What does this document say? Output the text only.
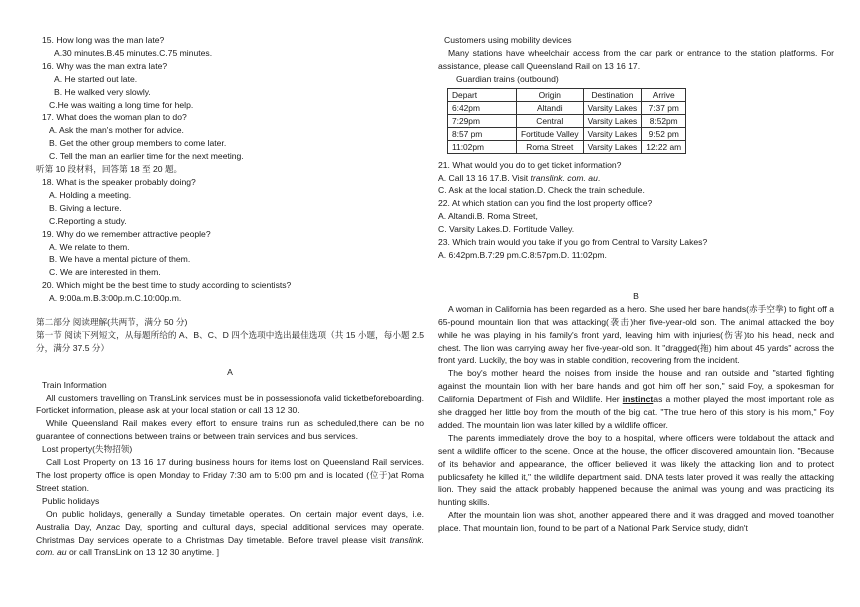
15. How long was the man late?

A.30 minutes.B.45 minutes.C.75 minutes.

16. Why was the man extra late?

A. He started out late.

B. He walked very slowly.

C.He was waiting a long time for help.

17. What does the woman plan to do?

A. Ask the man's mother for advice.

B. Get the other group members to come later.

C. Tell the man an earlier time for the next meeting.

听第 10 段材料，回答第 18 至 20 题。

18. What is the speaker probably doing?

A. Holding a meeting.

B. Giving a lecture.

C.Reporting a study.

19. Why do we remember attractive people?

A. We relate to them.

B. We have a mental picture of them.

C. We are interested in them.

20. Which might be the best time to study according to scientists?

A. 9:00a.m.B.3:00p.m.C.10:00p.m.

第二部分 阅读理解(共两节，满分 50 分)

第一节 阅读下列短文，从每题所给的 A、B、C、D 四个选项中选出最佳选项（共 15 小题，每小题 2.5 分，满分 37.5 分）

A

Train Information

All customers travelling on TransLink services must be in possessionofa valid ticketbeforeboarding. Forticket information, please ask at your local station or call 13 12 30.

While Queensland Rail makes every effort to ensure trains run as scheduled,there can be no guarantee of connections between trains or between train services and bus services.

Lost property(失物招领)

Call Lost Property on 13 16 17 during business hours for items lost on Queensland Rail services. The lost property office is open Monday to Friday 7:30 am to 5:00 pm and is located (位于)at Roma Street station.

Public holidays

On public holidays, generally a Sunday timetable operates. On certain major event days, i.e. Australia Day, Anzac Day, sporting and cultural days, special additional services may operate. Christmas Day services operate to a Christmas Day timetable. Before travel please visit translink. com. au or call TransLink on 13 12 30 anytime. ]

Customers using mobility devices

Many stations have wheelchair access from the car park or entrance to the station platforms. For assistance, please call Queensland Rail on 13 16 17.

Guardian trains (outbound)

Depart	Origin	Destination	Arrive
6:42pm	Altandi	Varsity Lakes	7:37 pm
7:29pm	Central	Varsity Lakes	8:52pm
8:57 pm	Fortitude Valley	Varsity Lakes	9:52 pm
11:02pm	Roma Street	Varsity Lakes	12:22 am

21. What would you do to get ticket information?

A. Call 13 16 17.B. Visit translink. com. au.

C. Ask at the local station.D. Check the train schedule.

22. At which station can you find the lost property office?

A. Altandi.B. Roma Street,

C. Varsity Lakes.D. Fortitude Valley.

23. Which train would you take if you go from Central to Varsity Lakes?

A. 6:42pm.B.7:29 pm.C.8:57pm.D. 11:02pm.

B

A woman in California has been regarded as a hero. She used her bare hands(赤手空拳) to fight off a 65-pound mountain lion that was attacking(袭击)her five-year-old son. The animal attacked the boy while he was playing in his family's front yard, leaving him with injuries(伤害)to his head, neck and chest. The lion was carrying away her five-year-old son. It "dragged(拖) him about 45 yards" across the front yard. Luckily, the boy was in stable condition, recovering from the incident.

The boy's mother heard the noises from inside the house and ran outside and "started fighting against the mountain lion with her bare hands and got him off her son," said Foy, a spokesman for California Department of Fish and Wildlife. Her instinctas a mother played the most important role as she dragged her little boy from the mouth of the big cat. "The true hero of this story is his mom," Foy added. The mountain lion was later killed by a wildlife officer.

The parents immediately drove the boy to a hospital, where officers were toldabout the attack and sent a wildlife officer to the scene. Once at the house, the officer discovered amountain lion. "Because of its behavior and appearance, the officer believed it was likely the attacking lion and to protect publicsafety he killed it," the wildlife department said. DNA tests later proved it was really the attacking lion. They said the attack probably happened because the animal was young and was practicing its hunting skills.

After the mountain lion was shot, another appeared there and it was dragged and moved toanother place. That mountain lion, found to be part of a National Park Service study, didn't
